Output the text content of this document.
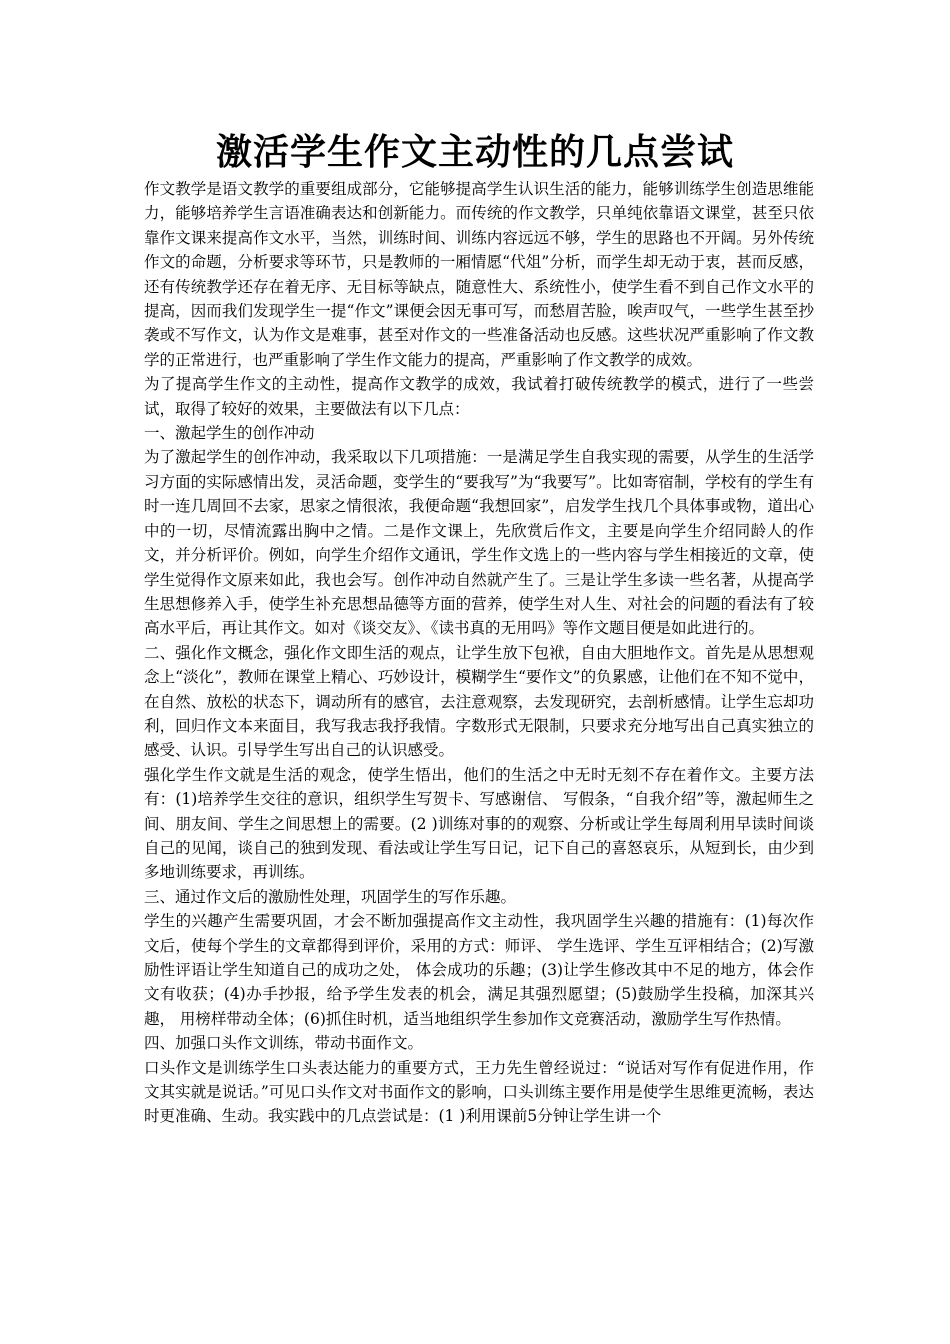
激活学生作文主动性的几点尝试

作文教学是语文教学的重要组成部分，它能够提高学生认识生活的能力，能够训练学生创造思维能力，能够培养学生言语准确表达和创新能力。而传统的作文教学，只单纯依靠语文课堂，甚至只依靠作文课来提高作文水平，当然，训练时间、训练内容远远不够，学生的思路也不开阔。另外传统作文的命题，分析要求等环节，只是教师的一厢情愿“代俎”分析，而学生却无动于衷，甚而反感，还有传统教学还存在着无序、无目标等缺点，随意性大、系统性小，使学生看不到自己作文水平的提高，因而我们发现学生一提“作文”课便会因无事可写，而愁眉苦脸，唉声叹气，一些学生甚至抄袭或不写作文，认为作文是难事，甚至对作文的一些准备活动也反感。这些状况严重影响了作文教学的正常进行，也严重影响了学生作文能力的提高，严重影响了作文教学的成效。

为了提高学生作文的主动性，提高作文教学的成效，我试着打破传统教学的模式，进行了一些尝试，取得了较好的效果，主要做法有以下几点：

一、激起学生的创作冲动

为了激起学生的创作冲动，我采取以下几项措施：一是满足学生自我实现的需要，从学生的生活学习方面的实际感情出发，灵活命题，变学生的“要我写”为“我要写”。比如寄宿制，学校有的学生有时一连几周回不去家，思家之情很浓，我便命题“我想回家”，启发学生找几个具体事或物，道出心中的一切，尽情流露出胸中之情。二是作文课上，先欣赏后作文，主要是向学生介绍同龄人的作文，并分析评价。例如，向学生介绍作文通讯，学生作文选上的一些内容与学生相接近的文章，使学生觉得作文原来如此，我也会写。创作冲动自然就产生了。三是让学生多读一些名著，从提高学生思想修养入手，使学生补充思想品德等方面的营养，使学生对人生、对社会的问题的看法有了较高水平后，再让其作文。如对《谈交友》、《读书真的无用吗》等作文题目便是如此进行的。

二、强化作文概念，强化作文即生活的观点，让学生放下包袱，自由大胆地作文。首先是从思想观念上“淡化”，教师在课堂上精心、巧妙设计，模糊学生“要作文”的负累感，让他们在不知不觉中，在自然、放松的状态下，调动所有的感官，去注意观察，去发现研究，去剖析感情。让学生忘却功利，回归作文本来面目，我写我志我抒我情。字数形式无限制，只要求充分地写出自己真实独立的感受、认识。引导学生写出自己的认识感受。

强化学生作文就是生活的观念，使学生悟出，他们的生活之中无时无刻不存在着作文。主要方法有：(1)培养学生交往的意识，组织学生写贺卡、写感谢信、 写假条，“自我介绍”等，激起师生之间、朋友间、学生之间思想上的需要。(2 )训练对事的的观察、分析或让学生每周利用早读时间谈自己的见闻，谈自己的独到发现、看法或让学生写日记，记下自己的喜怒哀乐，从短到长，由少到多地训练要求，再训练。

三、通过作文后的激励性处理，巩固学生的写作乐趣。

学生的兴趣产生需要巩固，才会不断加强提高作文主动性，我巩固学生兴趣的措施有：(1)每次作文后，使每个学生的文章都得到评价，采用的方式：师评、 学生选评、学生互评相结合；(2)写激励性评语让学生知道自己的成功之处， 体会成功的乐趣；(3)让学生修改其中不足的地方，体会作文有收获；(4)办手抄报，给予学生发表的机会，满足其强烈愿望；(5)鼓励学生投稿，加深其兴趣， 用榜样带动全体；(6)抓住时机，适当地组织学生参加作文竞赛活动，激励学生写作热情。

四、加强口头作文训练，带动书面作文。

口头作文是训练学生口头表达能力的重要方式，王力先生曾经说过：“说话对写作有促进作用，作文其实就是说话。”可见口头作文对书面作文的影响，口头训练主要作用是使学生思维更流畅，表达时更准确、生动。我实践中的几点尝试是：(1 )利用课前5分钟让学生讲一个
